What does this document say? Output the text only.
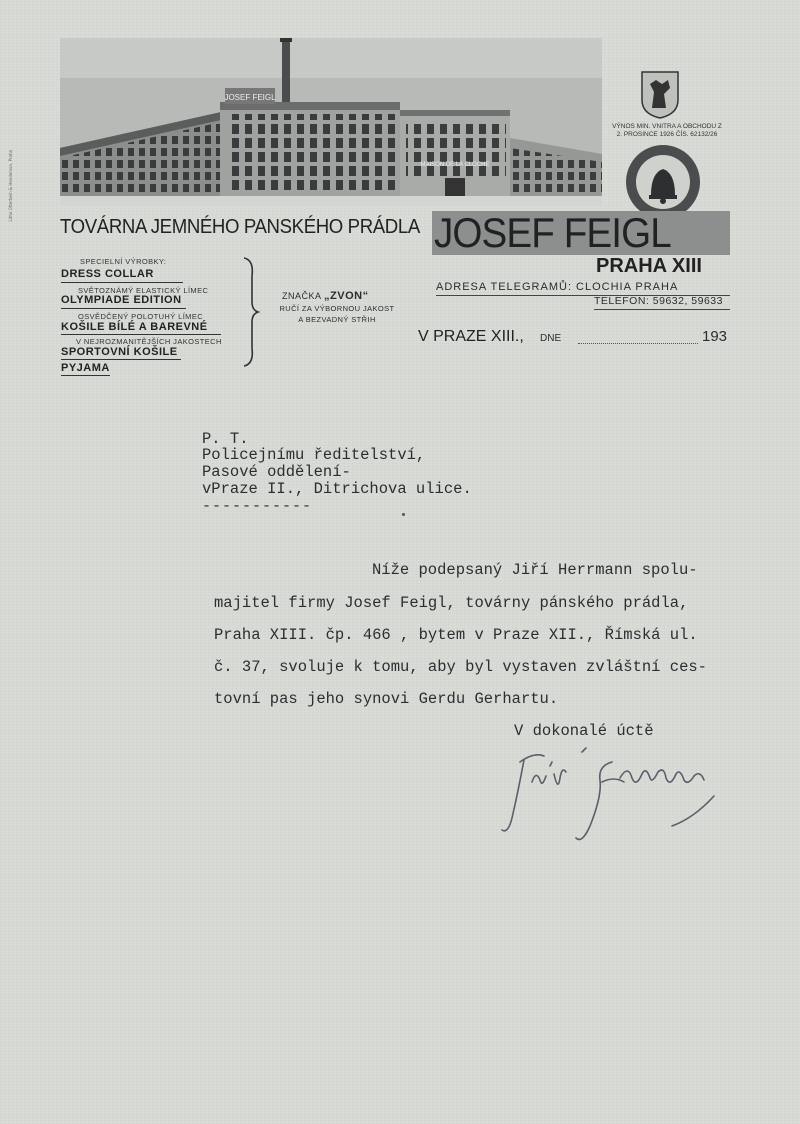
Litho Otterbein & Henderson, Praha
JOSEF FEIGL
MAISON DE LA CLOCHE
VÝNOS MIN. VNITRA A OBCHODU Z
2. PROSINCE 1926 ČÍS. 62132/26
TOVÁRNA JEMNÉHO PANSKÉHO PRÁDLA JOSEF FEIGL
PRAHA XIII
ADRESA TELEGRAMŮ: CLOCHIA PRAHA
TELEFON: 59632, 59633
SPECIELNÍ VÝROBKY:
SVĚTOZNÁMÝ ELASTICKÝ LÍMEC
DRESS COLLAR
OLYMPIADE EDITION
OSVĚDČENÝ POLOTUHÝ LÍMEC
KOŠILE BÍLÉ A BAREVNÉ
V NEJROZMANITĚJŠÍCH JAKOSTECH
SPORTOVNÍ KOŠILE
PYJAMA
ZNAČKA „ZVON“
RUČÍ ZA VÝBORNOU JAKOST
A BEZVADNÝ STŘIH
V PRAZE XIII., DNE	193
P. T.
Policejnímu ředitelství,
Pasové oddělení-
vPraze II., Ditrichova ulice.
-----------
Níže podepsaný Jiří Herrmann spolu-
majitel firmy Josef Feigl, továrny pánského prádla,
Praha XIII. čp. 466 , bytem v Praze XII., Římská ul.
č. 37, svoluje k tomu, aby byl vystaven zvláštní ces-
tovní pas jeho synovi Gerdu Gerhartu.
V dokonalé úctě
